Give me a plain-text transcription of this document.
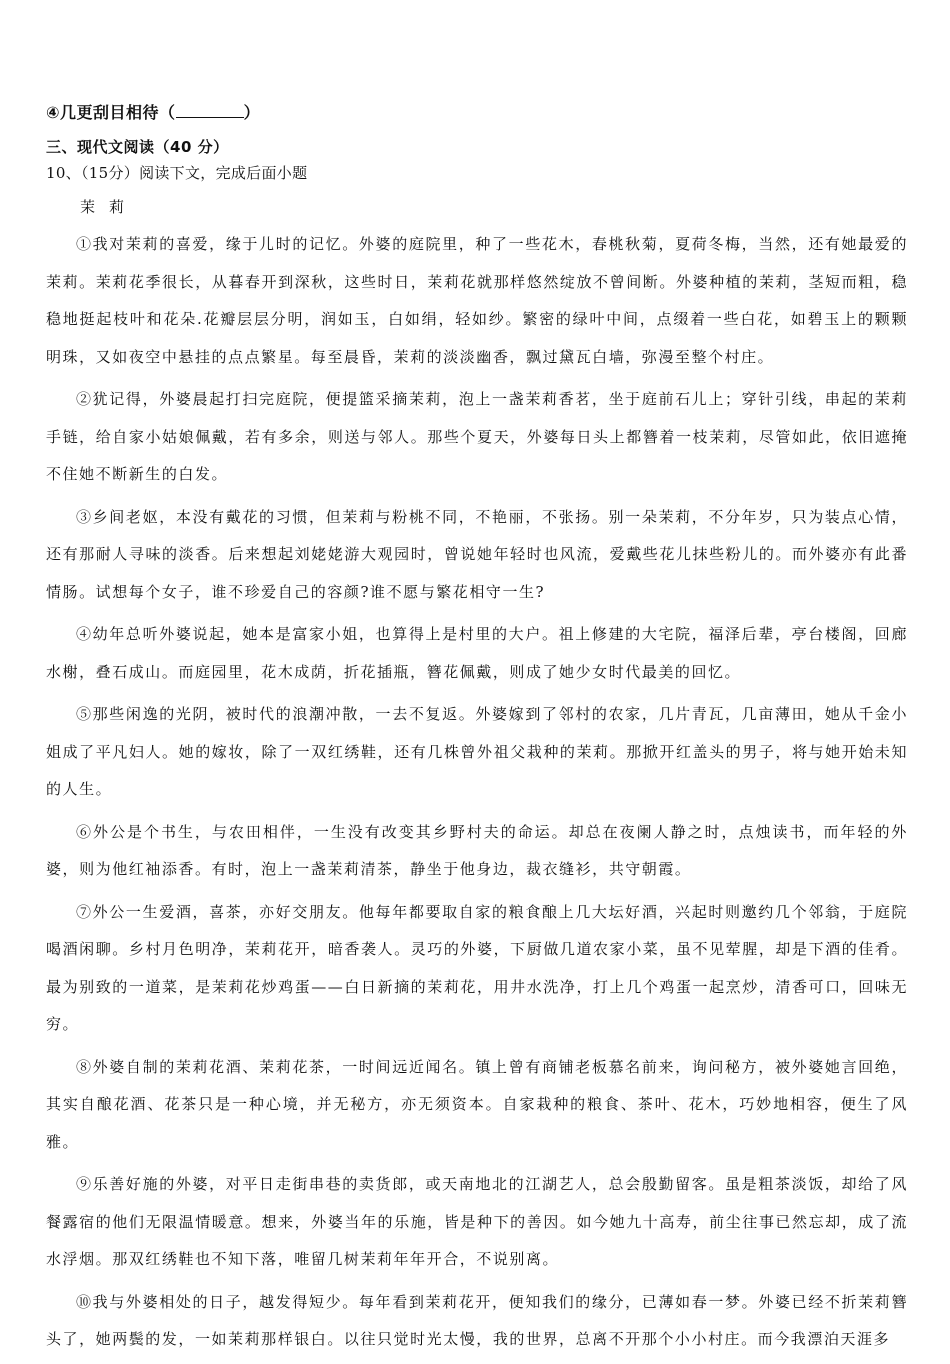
④几更刮目相待（	）
三、现代文阅读（40 分）
10、（15分）阅读下文，完成后面小题
茉莉

①我对茉莉的喜爱，缘于儿时的记忆。外婆的庭院里，种了一些花木，春桃秋菊，夏荷冬梅，当然，还有她最爱的茉莉。茉莉花季很长，从暮春开到深秋，这些时日，茉莉花就那样悠然绽放不曾间断。外婆种植的茉莉，茎短而粗，稳稳地挺起枝叶和花朵.花瓣层层分明，润如玉，白如绢，轻如纱。繁密的绿叶中间，点缀着一些白花，如碧玉上的颗颗明珠，又如夜空中悬挂的点点繁星。每至晨昏，茉莉的淡淡幽香，飘过黛瓦白墙，弥漫至整个村庄。

②犹记得，外婆晨起打扫完庭院，便提篮采摘茉莉，泡上一盏茉莉香茗，坐于庭前石儿上；穿针引线，串起的茉莉手链，给自家小姑娘佩戴，若有多余，则送与邻人。那些个夏天，外婆每日头上都簪着一枝茉莉，尽管如此，依旧遮掩不住她不断新生的白发。

③乡间老妪，本没有戴花的习惯，但茉莉与粉桃不同，不艳丽，不张扬。别一朵茉莉，不分年岁，只为装点心情，还有那耐人寻味的淡香。后来想起刘姥姥游大观园时，曾说她年轻时也风流，爱戴些花儿抹些粉儿的。而外婆亦有此番情肠。试想每个女子，谁不珍爱自己的容颜?谁不愿与繁花相守一生?

④幼年总听外婆说起，她本是富家小姐，也算得上是村里的大户。祖上修建的大宅院，福泽后辈，亭台楼阁，回廊水榭，叠石成山。而庭园里，花木成荫，折花插瓶，簪花佩戴，则成了她少女时代最美的回忆。

⑤那些闲逸的光阴，被时代的浪潮冲散，一去不复返。外婆嫁到了邻村的农家，几片青瓦，几亩薄田，她从千金小姐成了平凡妇人。她的嫁妆，除了一双红绣鞋，还有几株曾外祖父栽种的茉莉。那掀开红盖头的男子，将与她开始未知的人生。

⑥外公是个书生，与农田相伴，一生没有改变其乡野村夫的命运。却总在夜阑人静之时，点烛读书，而年轻的外婆，则为他红袖添香。有时，泡上一盏茉莉清茶，静坐于他身边，裁衣缝衫，共守朝霞。

⑦外公一生爱酒，喜茶，亦好交朋友。他每年都要取自家的粮食酿上几大坛好酒，兴起时则邀约几个邻翁，于庭院喝酒闲聊。乡村月色明净，茉莉花开，暗香袭人。灵巧的外婆，下厨做几道农家小菜，虽不见荤腥，却是下酒的佳肴。最为别致的一道菜，是茉莉花炒鸡蛋——白日新摘的茉莉花，用井水洗净，打上几个鸡蛋一起烹炒，清香可口，回味无穷。

⑧外婆自制的茉莉花酒、茉莉花茶，一时间远近闻名。镇上曾有商铺老板慕名前来，询问秘方，被外婆她言回绝，其实自酿花酒、花茶只是一种心境，并无秘方，亦无须资本。自家栽种的粮食、茶叶、花木，巧妙地相容，便生了风雅。

⑨乐善好施的外婆，对平日走街串巷的卖货郎，或天南地北的江湖艺人，总会殷勤留客。虽是粗茶淡饭，却给了风餐露宿的他们无限温情暖意。想来，外婆当年的乐施，皆是种下的善因。如今她九十高寿，前尘往事已然忘却，成了流水浮烟。那双红绣鞋也不知下落，唯留几树茉莉年年开合，不说别离。

⑩我与外婆相处的日子，越发得短少。每年看到茉莉花开，便知我们的缘分，已薄如春一梦。外婆已经不折茉莉簪头了，她两鬓的发，一如茉莉那样银白。以往只觉时光太慢，我的世界，总离不开那个小小村庄。而今我漂泊天涯多
